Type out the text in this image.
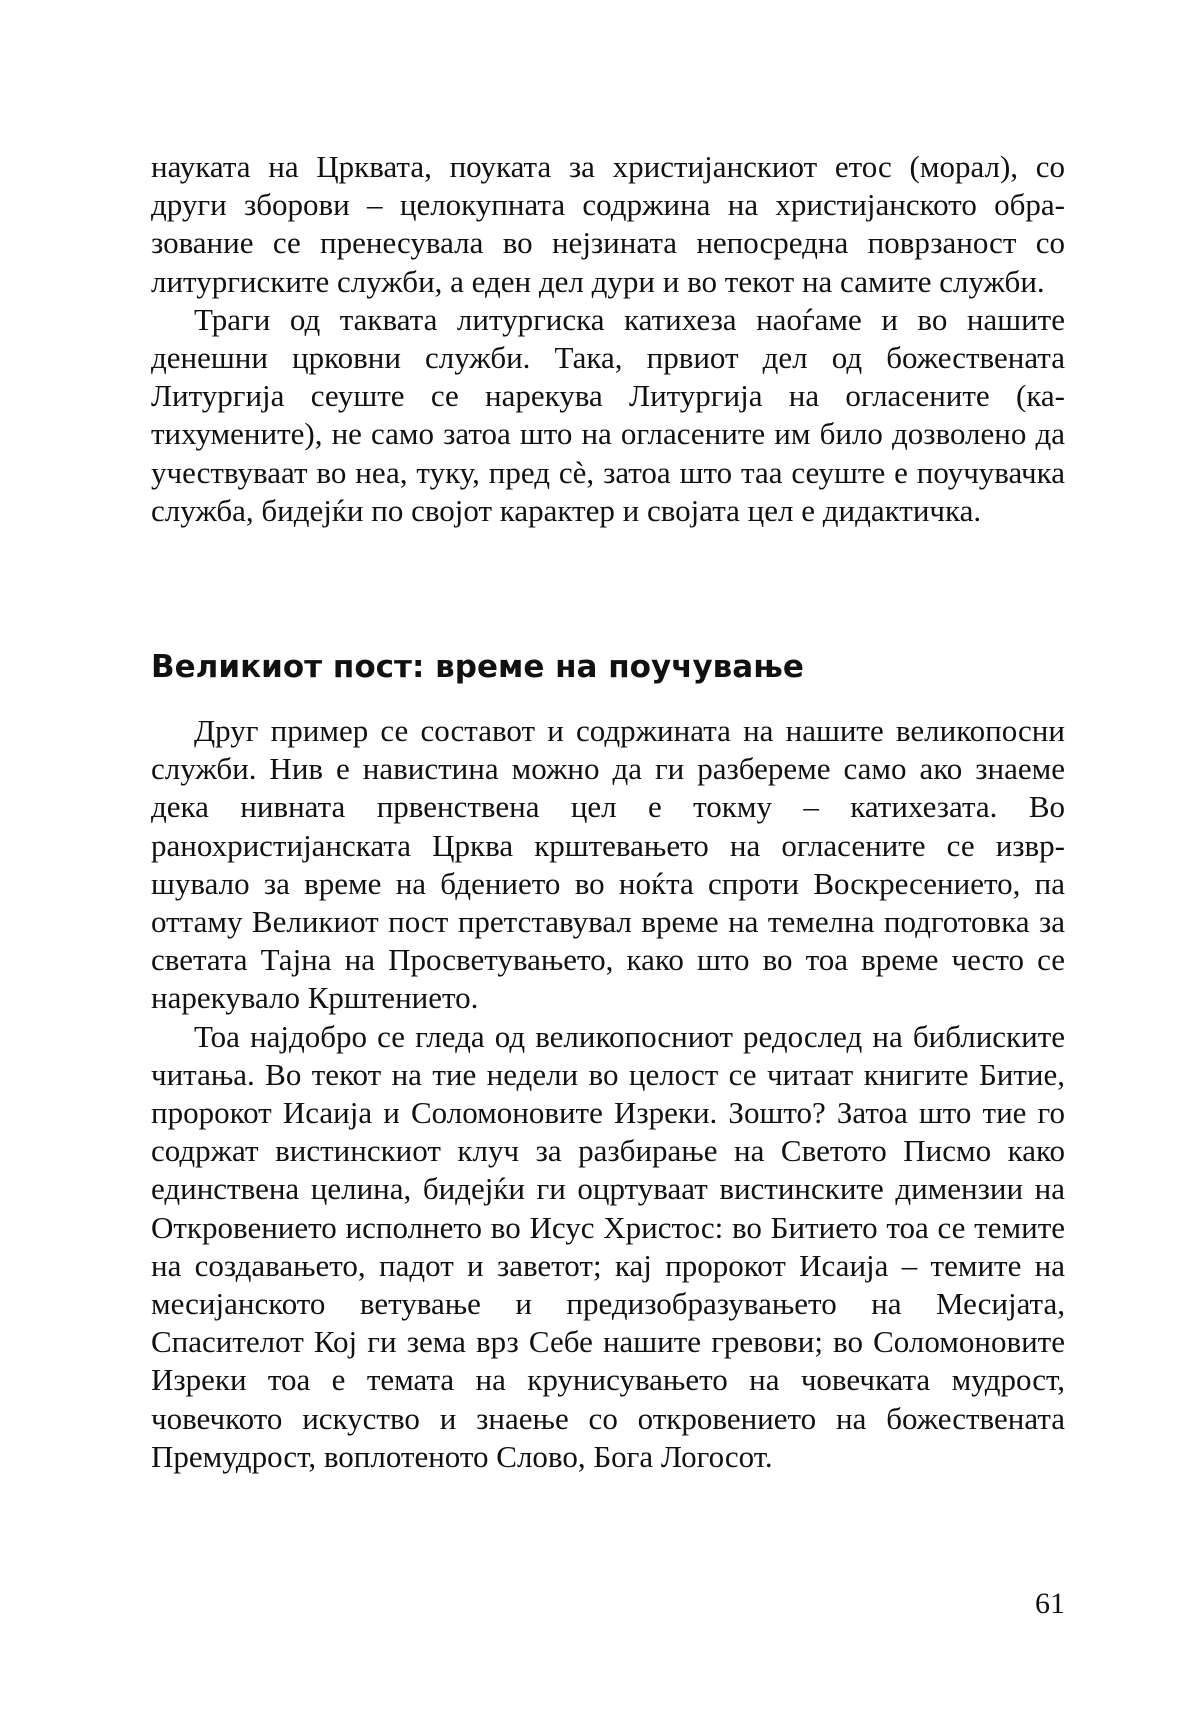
науката на Црквата, поуката за христијанскиот етос (морал), со други зборови – целокупната содржина на христијанското образование се пренесувала во нејзината непосредна поврзаност со литургиските служби, а еден дел дури и во текот на самите служби.

Траги од таквата литургиска катихеза наоѓаме и во нашите денешни црковни служби. Така, првиот дел од божествената Литургија сеуште се нарекува Литургија на огласените (катихумените), не само затоа што на огласените им било дозволено да учествуваат во неа, туку, пред сè, затоа што таа сеуште е поучувачка служба, бидејќи по својот карактер и својата цел е дидактичка.

Великиот пост: време на поучување

Друг пример се составот и содржината на нашите великопосни служби. Нив е навистина можно да ги разбереме само ако знаеме дека нивната првенствена цел е токму – катихезата. Во ранохристијанската Црква крштевањето на огласените се извршувало за време на бдението во ноќта спроти Воскресението, па оттаму Великиот пост претставувал време на темелна подготовка за светата Тајна на Просветувањето, како што во тоа време често се нарекувало Крштението.

Тоа најдобро се гледа од великопосниот редослед на библиските читања. Во текот на тие недели во целост се читаат книгите Битие, пророкот Исаија и Соломоновите Изреки. Зошто? Затоа што тие го содржат вистинскиот клуч за разбирање на Светото Писмо како единствена целина, бидејќи ги оцртуваат вистинските димензии на Откровението исполнето во Исус Христос: во Битието тоа се темите на создавањето, падот и заветот; кај пророкот Исаија – темите на месијанското ветување и предизобразувањето на Месијата, Спасителот Кој ги зема врз Себе нашите гревови; во Соломоновите Изреки тоа е темата на крунисувањето на човечката мудрост, човечкото искуство и знаење со откровението на божествената Премудрост, воплотеното Слово, Бога Логосот.

61
